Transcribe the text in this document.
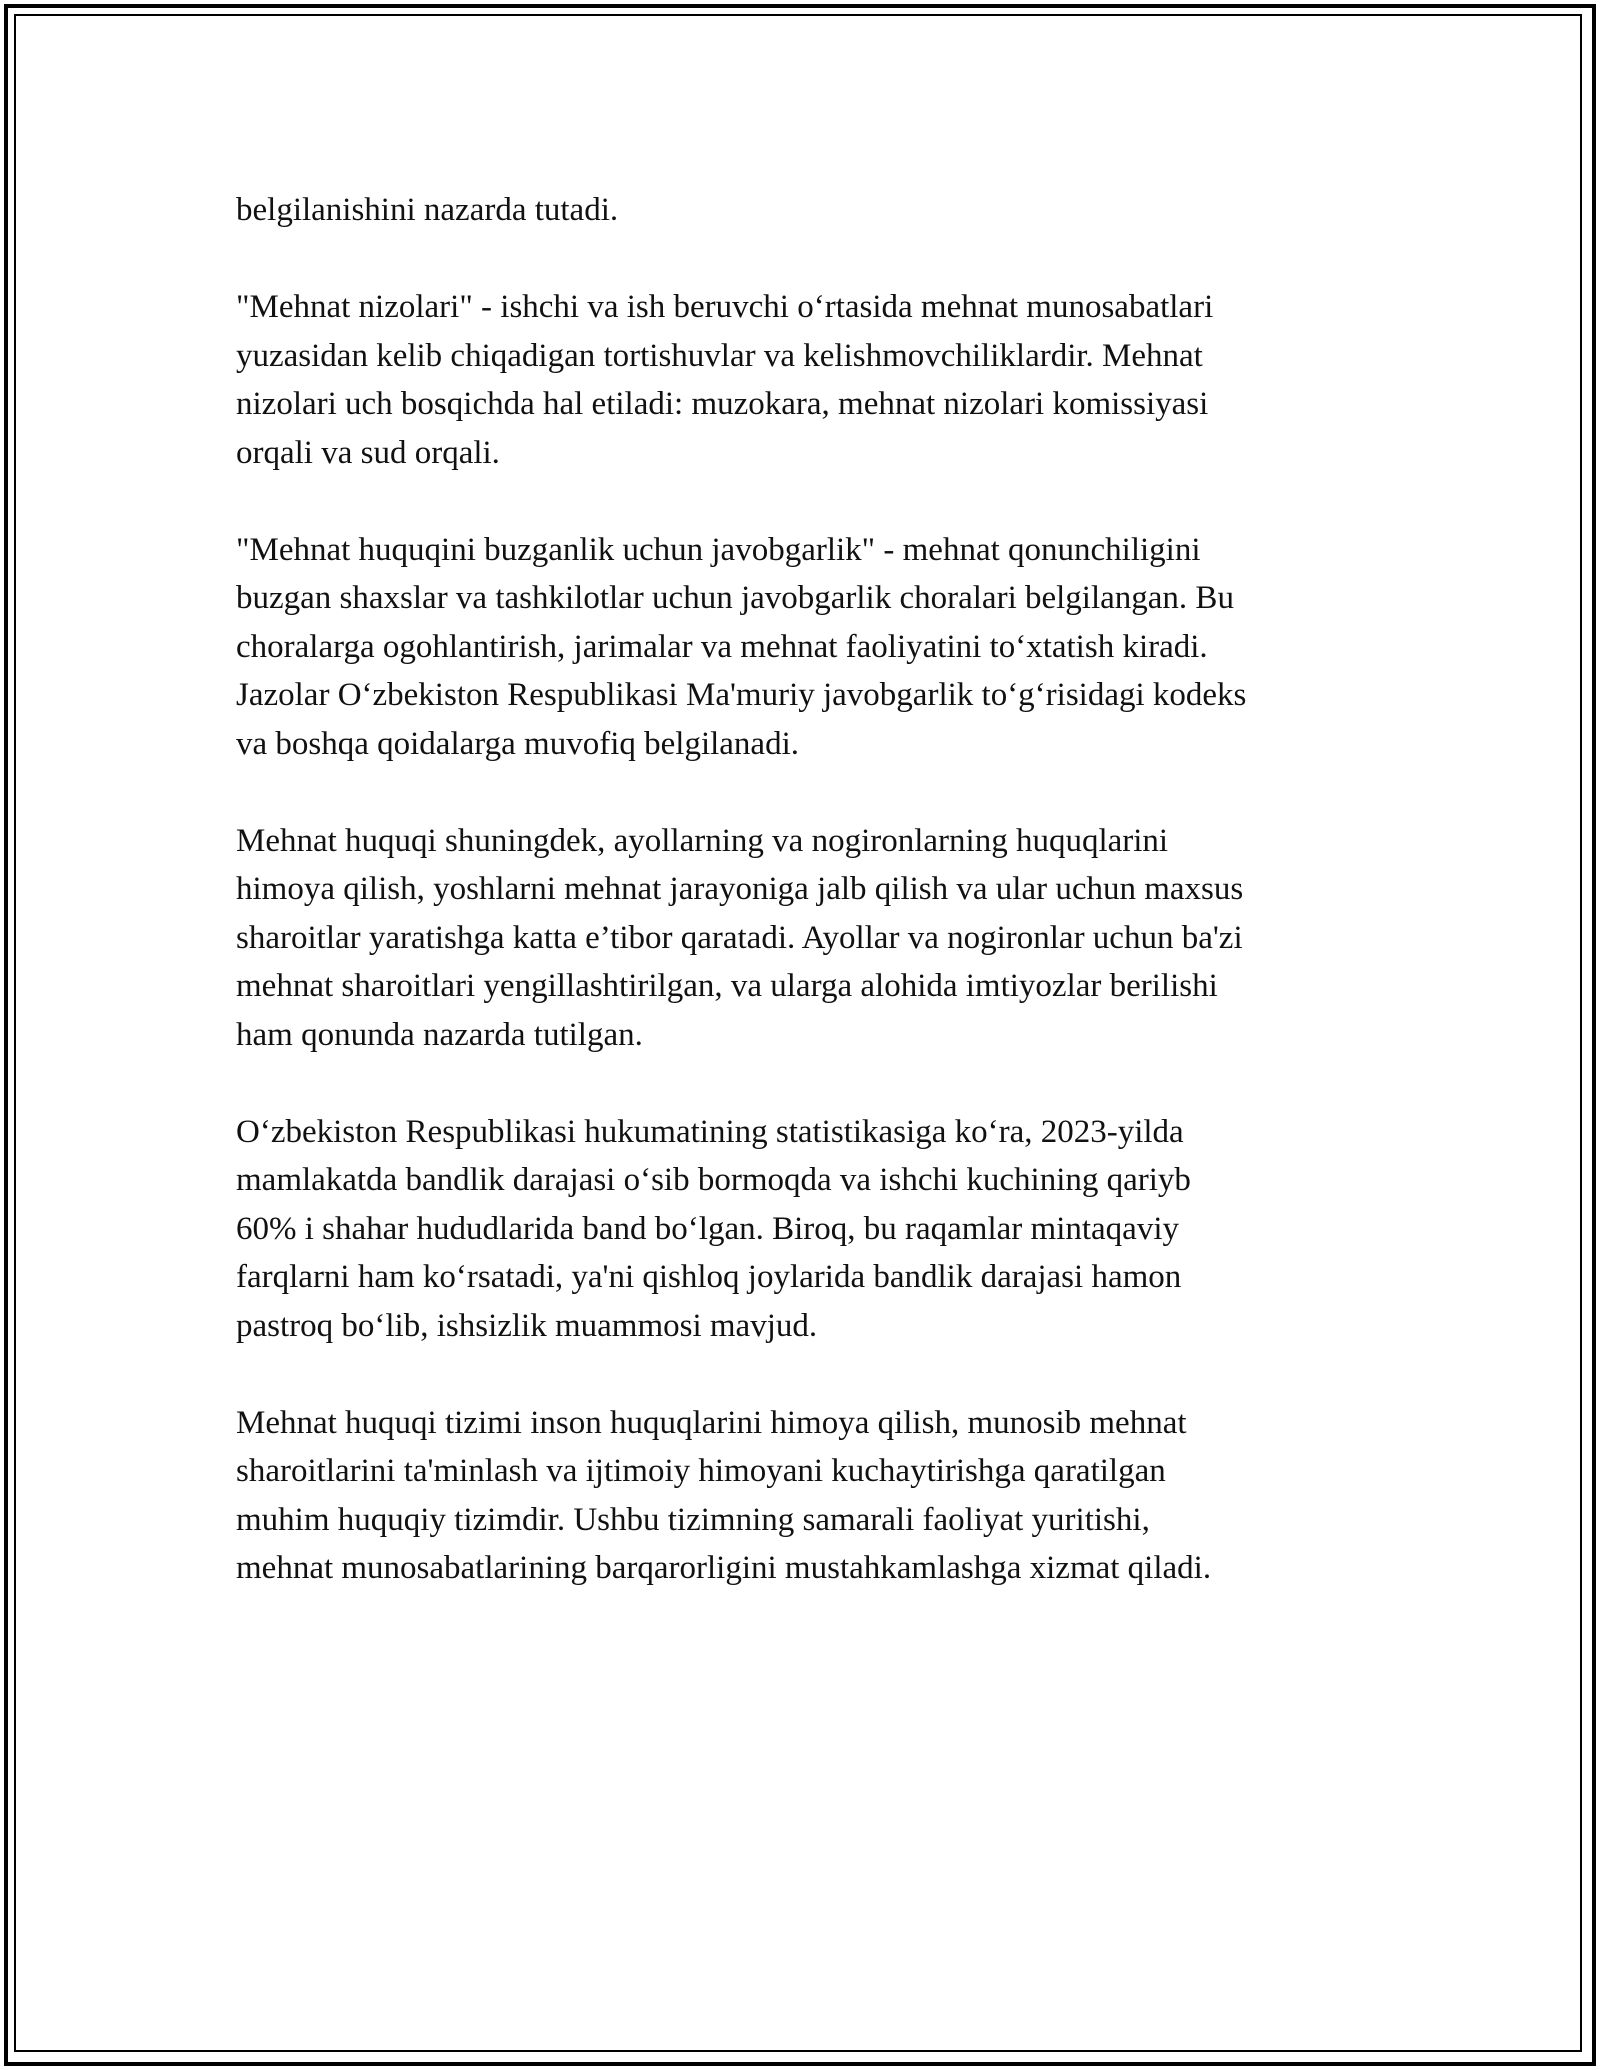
belgilanishini nazarda tutadi.

"Mehnat nizolari" - ishchi va ish beruvchi o‘rtasida mehnat munosabatlari
yuzasidan kelib chiqadigan tortishuvlar va kelishmovchiliklardir. Mehnat
nizolari uch bosqichda hal etiladi: muzokara, mehnat nizolari komissiyasi
orqali va sud orqali.

"Mehnat huquqini buzganlik uchun javobgarlik" - mehnat qonunchiligini
buzgan shaxslar va tashkilotlar uchun javobgarlik choralari belgilangan. Bu
choralarga ogohlantirish, jarimalar va mehnat faoliyatini to‘xtatish kiradi.
Jazolar O‘zbekiston Respublikasi Ma'muriy javobgarlik to‘g‘risidagi kodeks
va boshqa qoidalarga muvofiq belgilanadi.

Mehnat huquqi shuningdek, ayollarning va nogironlarning huquqlarini
himoya qilish, yoshlarni mehnat jarayoniga jalb qilish va ular uchun maxsus
sharoitlar yaratishga katta e’tibor qaratadi. Ayollar va nogironlar uchun ba'zi
mehnat sharoitlari yengillashtirilgan, va ularga alohida imtiyozlar berilishi
ham qonunda nazarda tutilgan.

O‘zbekiston Respublikasi hukumatining statistikasiga ko‘ra, 2023-yilda
mamlakatda bandlik darajasi o‘sib bormoqda va ishchi kuchining qariyb
60% i shahar hududlarida band bo‘lgan. Biroq, bu raqamlar mintaqaviy
farqlarni ham ko‘rsatadi, ya'ni qishloq joylarida bandlik darajasi hamon
pastroq bo‘lib, ishsizlik muammosi mavjud.

Mehnat huquqi tizimi inson huquqlarini himoya qilish, munosib mehnat
sharoitlarini ta'minlash va ijtimoiy himoyani kuchaytirishga qaratilgan
muhim huquqiy tizimdir. Ushbu tizimning samarali faoliyat yuritishi,
mehnat munosabatlarining barqarorligini mustahkamlashga xizmat qiladi.
